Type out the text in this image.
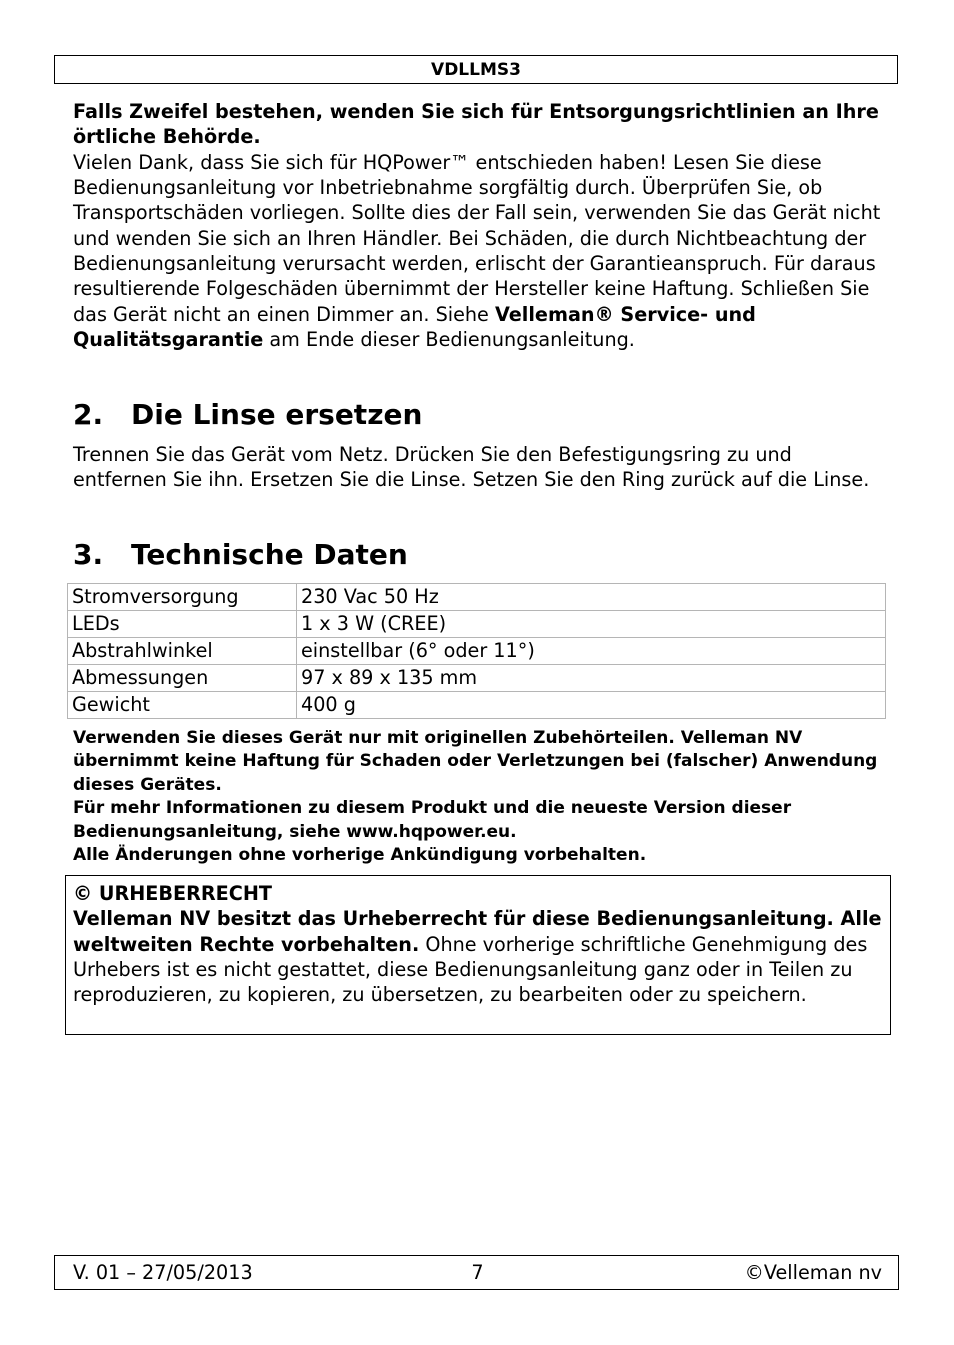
VDLLMS3

Falls Zweifel bestehen, wenden Sie sich für Entsorgungsrichtlinien an Ihre örtliche Behörde.

Vielen Dank, dass Sie sich für HQPower™ entschieden haben! Lesen Sie diese Bedienungsanleitung vor Inbetriebnahme sorgfältig durch. Überprüfen Sie, ob Transportschäden vorliegen. Sollte dies der Fall sein, verwenden Sie das Gerät nicht und wenden Sie sich an Ihren Händler. Bei Schäden, die durch Nichtbeachtung der Bedienungsanleitung verursacht werden, erlischt der Garantieanspruch. Für daraus resultierende Folgeschäden übernimmt der Hersteller keine Haftung. Schließen Sie das Gerät nicht an einen Dimmer an. Siehe Velleman® Service- und Qualitätsgarantie am Ende dieser Bedienungsanleitung.

2. Die Linse ersetzen

Trennen Sie das Gerät vom Netz. Drücken Sie den Befestigungsring zu und entfernen Sie ihn. Ersetzen Sie die Linse. Setzen Sie den Ring zurück auf die Linse.

3. Technische Daten
Stromversorgung	230 Vac 50 Hz
LEDs	1 x 3 W (CREE)
Abstrahlwinkel	einstellbar (6° oder 11°)
Abmessungen	97 x 89 x 135 mm
Gewicht	400 g

Verwenden Sie dieses Gerät nur mit originellen Zubehörteilen. Velleman NV übernimmt keine Haftung für Schaden oder Verletzungen bei (falscher) Anwendung dieses Gerätes.

Für mehr Informationen zu diesem Produkt und die neueste Version dieser Bedienungsanleitung, siehe www.hqpower.eu.

Alle Änderungen ohne vorherige Ankündigung vorbehalten.

© URHEBERRECHT
Velleman NV besitzt das Urheberrecht für diese Bedienungsanleitung. Alle weltweiten Rechte vorbehalten. Ohne vorherige schriftliche Genehmigung des Urhebers ist es nicht gestattet, diese Bedienungsanleitung ganz oder in Teilen zu reproduzieren, zu kopieren, zu übersetzen, zu bearbeiten oder zu speichern.
7
V. 01 – 27/05/2013	©Velleman nv
